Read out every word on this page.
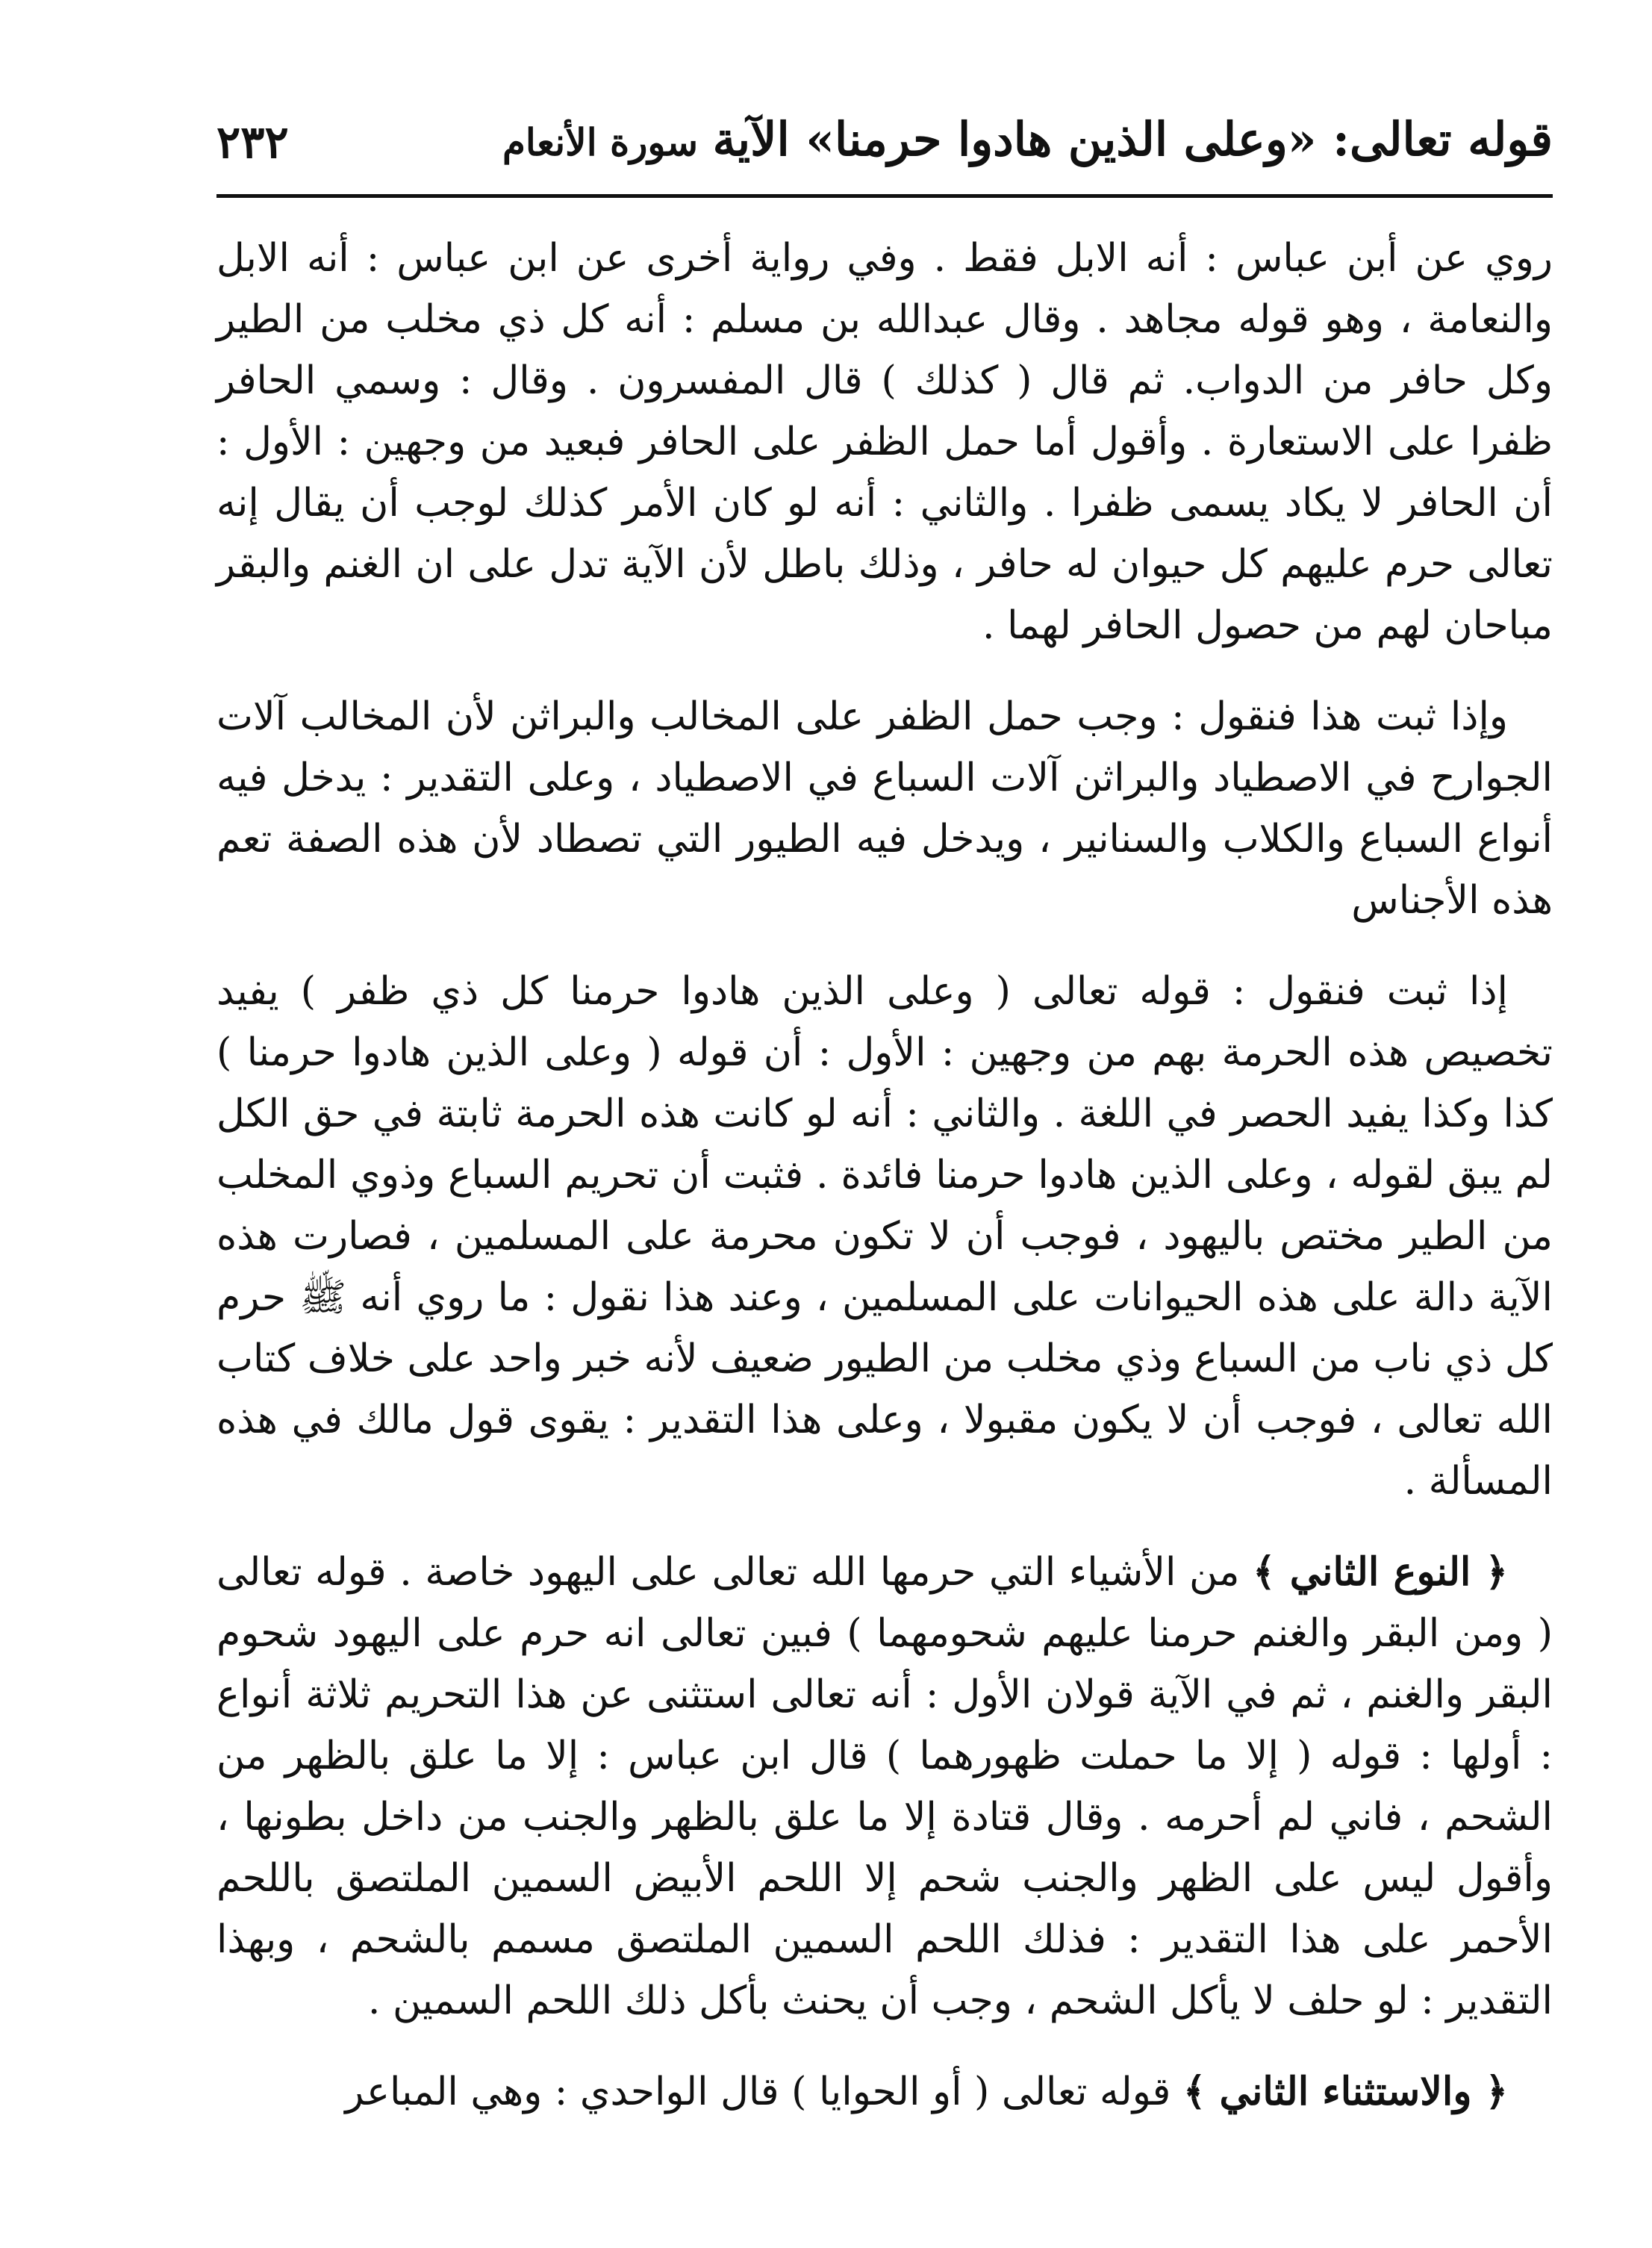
قوله تعالى: «وعلى الذين هادوا حرمنا» الآية سورة الأنعام
٢٣٢

روي عن أبن عباس : أنه الابل فقط . وفي رواية أخرى عن ابن عباس : أنه الابل والنعامة ، وهو قوله مجاهد . وقال عبدالله بن مسلم : أنه كل ذي مخلب من الطير وكل حافر من الدواب. ثم قال ( كذلك ) قال المفسرون . وقال : وسمي الحافر ظفرا على الاستعارة . وأقول أما حمل الظفر على الحافر فبعيد من وجهين : الأول : أن الحافر لا يكاد يسمى ظفرا . والثاني : أنه لو كان الأمر كذلك لوجب أن يقال إنه تعالى حرم عليهم كل حيوان له حافر ، وذلك باطل لأن الآية تدل على ان الغنم والبقر مباحان لهم من حصول الحافر لهما .

وإذا ثبت هذا فنقول : وجب حمل الظفر على المخالب والبراثن لأن المخالب آلات الجوارح في الاصطياد والبراثن آلات السباع في الاصطياد ، وعلى التقدير : يدخل فيه أنواع السباع والكلاب والسنانير ، ويدخل فيه الطيور التي تصطاد لأن هذه الصفة تعم هذه الأجناس

إذا ثبت فنقول : قوله تعالى ( وعلى الذين هادوا حرمنا كل ذي ظفر ) يفيد تخصيص هذه الحرمة بهم من وجهين : الأول : أن قوله ( وعلى الذين هادوا حرمنا ) كذا وكذا يفيد الحصر في اللغة . والثاني : أنه لو كانت هذه الحرمة ثابتة في حق الكل لم يبق لقوله ، وعلى الذين هادوا حرمنا فائدة . فثبت أن تحريم السباع وذوي المخلب من الطير مختص باليهود ، فوجب أن لا تكون محرمة على المسلمين ، فصارت هذه الآية دالة على هذه الحيوانات على المسلمين ، وعند هذا نقول : ما روي أنه ﷺ حرم كل ذي ناب من السباع وذي مخلب من الطيور ضعيف لأنه خبر واحد على خلاف كتاب الله تعالى ، فوجب أن لا يكون مقبولا ، وعلى هذا التقدير : يقوى قول مالك في هذه المسألة .

﴿ النوع الثاني ﴾ من الأشياء التي حرمها الله تعالى على اليهود خاصة . قوله تعالى ( ومن البقر والغنم حرمنا عليهم شحومهما ) فبين تعالى انه حرم على اليهود شحوم البقر والغنم ، ثم في الآية قولان الأول : أنه تعالى استثنى عن هذا التحريم ثلاثة أنواع : أولها : قوله ( إلا ما حملت ظهورهما ) قال ابن عباس : إلا ما علق بالظهر من الشحم ، فاني لم أحرمه . وقال قتادة إلا ما علق بالظهر والجنب من داخل بطونها ، وأقول ليس على الظهر والجنب شحم إلا اللحم الأبيض السمين الملتصق باللحم الأحمر على هذا التقدير : فذلك اللحم السمين الملتصق مسمم بالشحم ، وبهذا التقدير : لو حلف لا يأكل الشحم ، وجب أن يحنث بأكل ذلك اللحم السمين .

﴿ والاستثناء الثاني ﴾ قوله تعالى ( أو الحوايا ) قال الواحدي : وهي المباعر
